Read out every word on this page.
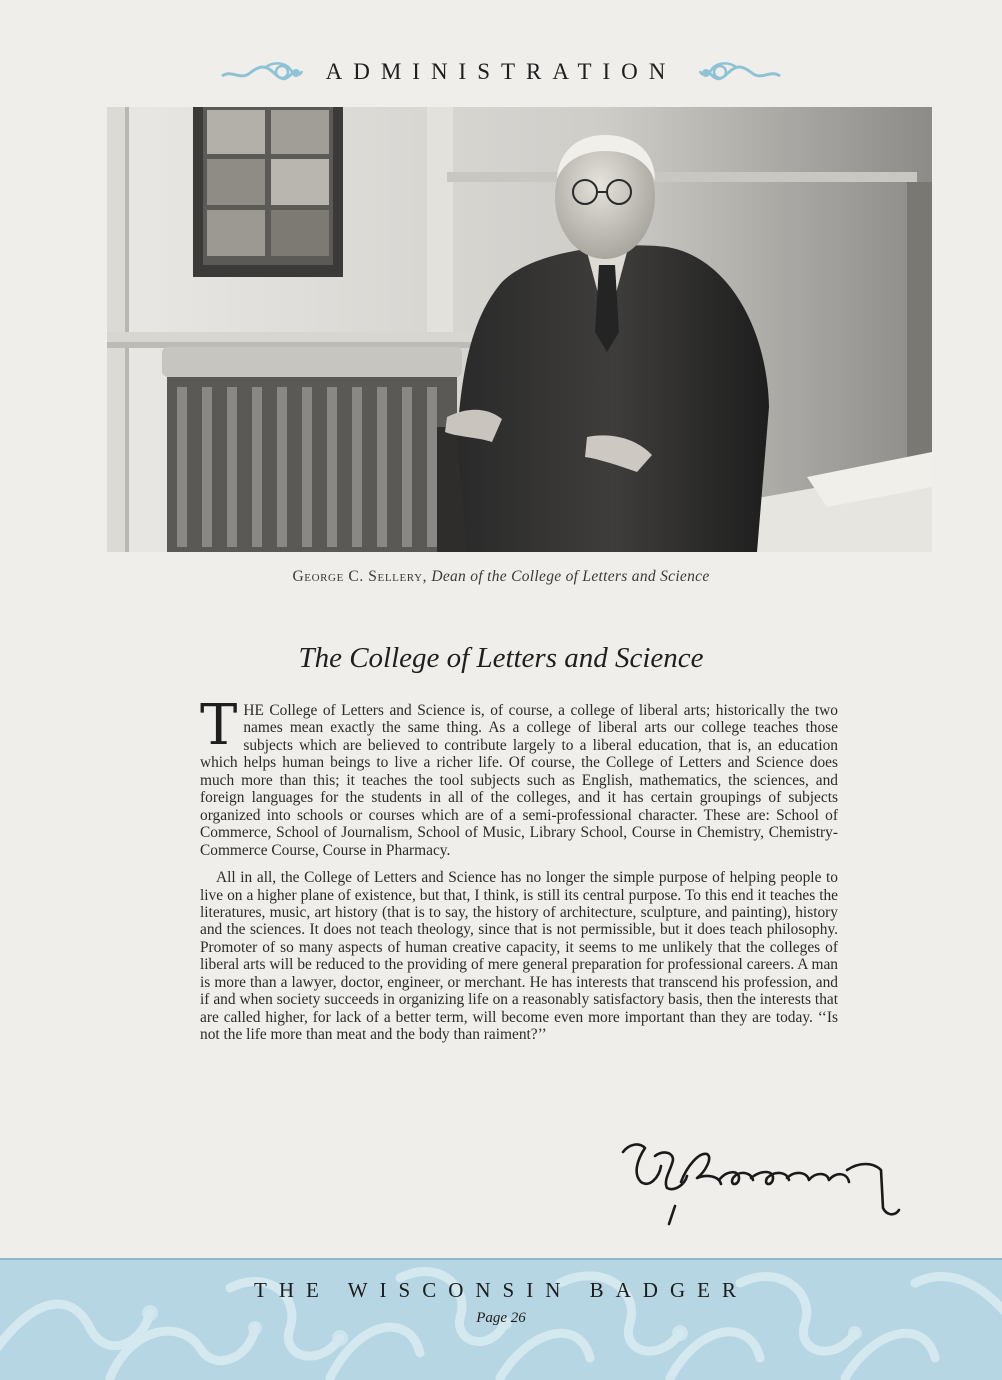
ADMINISTRATION
George C. Sellery, Dean of the College of Letters and Science
The College of Letters and Science

THE College of Letters and Science is, of course, a college of liberal arts; historically the two names mean exactly the same thing. As a college of liberal arts our college teaches those subjects which are believed to contribute largely to a liberal education, that is, an education which helps human beings to live a richer life. Of course, the College of Letters and Science does much more than this; it teaches the tool subjects such as English, mathematics, the sciences, and foreign languages for the students in all of the colleges, and it has certain groupings of subjects organized into schools or courses which are of a semi-professional character. These are: School of Commerce, School of Journalism, School of Music, Library School, Course in Chemistry, Chemistry-Commerce Course, Course in Pharmacy.

All in all, the College of Letters and Science has no longer the simple purpose of helping people to live on a higher plane of existence, but that, I think, is still its central purpose. To this end it teaches the literatures, music, art history (that is to say, the history of architecture, sculpture, and painting), history and the sciences. It does not teach theology, since that is not permissible, but it does teach philosophy. Promoter of so many aspects of human creative capacity, it seems to me unlikely that the colleges of liberal arts will be reduced to the providing of mere general preparation for professional careers. A man is more than a lawyer, doctor, engineer, or merchant. He has interests that transcend his profession, and if and when society succeeds in organizing life on a reasonably satisfactory basis, then the interests that are called higher, for lack of a better term, will become even more important than they are today. ‘‘Is not the life more than meat and the body than raiment?’’

THE WISCONSIN BADGER
Page 26
